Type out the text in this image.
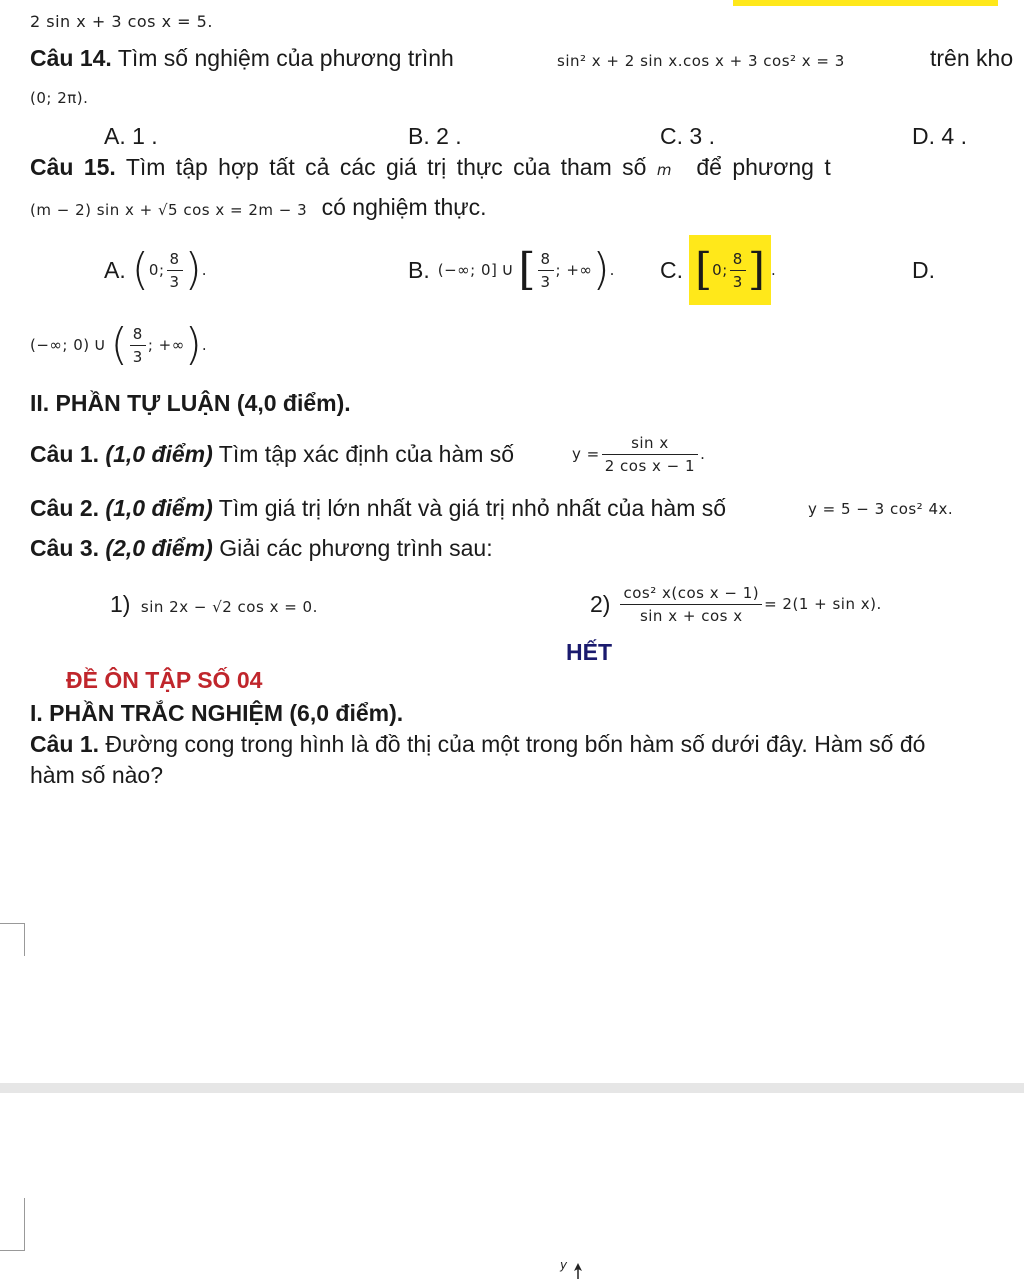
2 sin x + 3 cos x = 5.
Câu 14. Tìm số nghiệm của phương trình	sin² x + 2 sin x.cos x + 3 cos² x = 3	trên kho
(0; 2π).
A. 1 .	B. 2 .	C. 3 .	D. 4 .
Câu 15. Tìm tập hợp tất cả các giá trị thực của tham số m để phương t
(m − 2) sin x + √5 cos x = 2m − 3 có nghiệm thực.
A. ( 0; $\frac{8}{3}$ ) .	B. (−∞; 0] ∪ [ $\frac{8}{3}$ ; +∞ ) . C. [ 0; $\frac{8}{3}$ ] .	D.
(−∞; 0) ∪ ( $\frac{8}{3}$ ; +∞ ) .
II. PHẦN TỰ LUẬN (4,0 điểm).
Câu 1. (1,0 điểm) Tìm tập xác định của hàm số	$y = \frac{\text{sin x}}{\text{2 cos x − 1}}$ .
Câu 2. (1,0 điểm) Tìm giá trị lớn nhất và giá trị nhỏ nhất của hàm số	y = 5 − 3 cos² 4x.
Câu 3. (2,0 điểm) Giải các phương trình sau:
1) sin 2x − √2 cos x = 0.	$2) \frac{\text{cos² x(cos x − 1)}}{\text{sin x + cos x}} = 2(1 + \sin x)$.
HẾT
ĐỀ ÔN TẬP SỐ 04
I. PHẦN TRẮC NGHIỆM (6,0 điểm).
Câu 1. Đường cong trong hình là đồ thị của một trong bốn hàm số dưới đây. Hàm số đó
hàm số nào?
y
